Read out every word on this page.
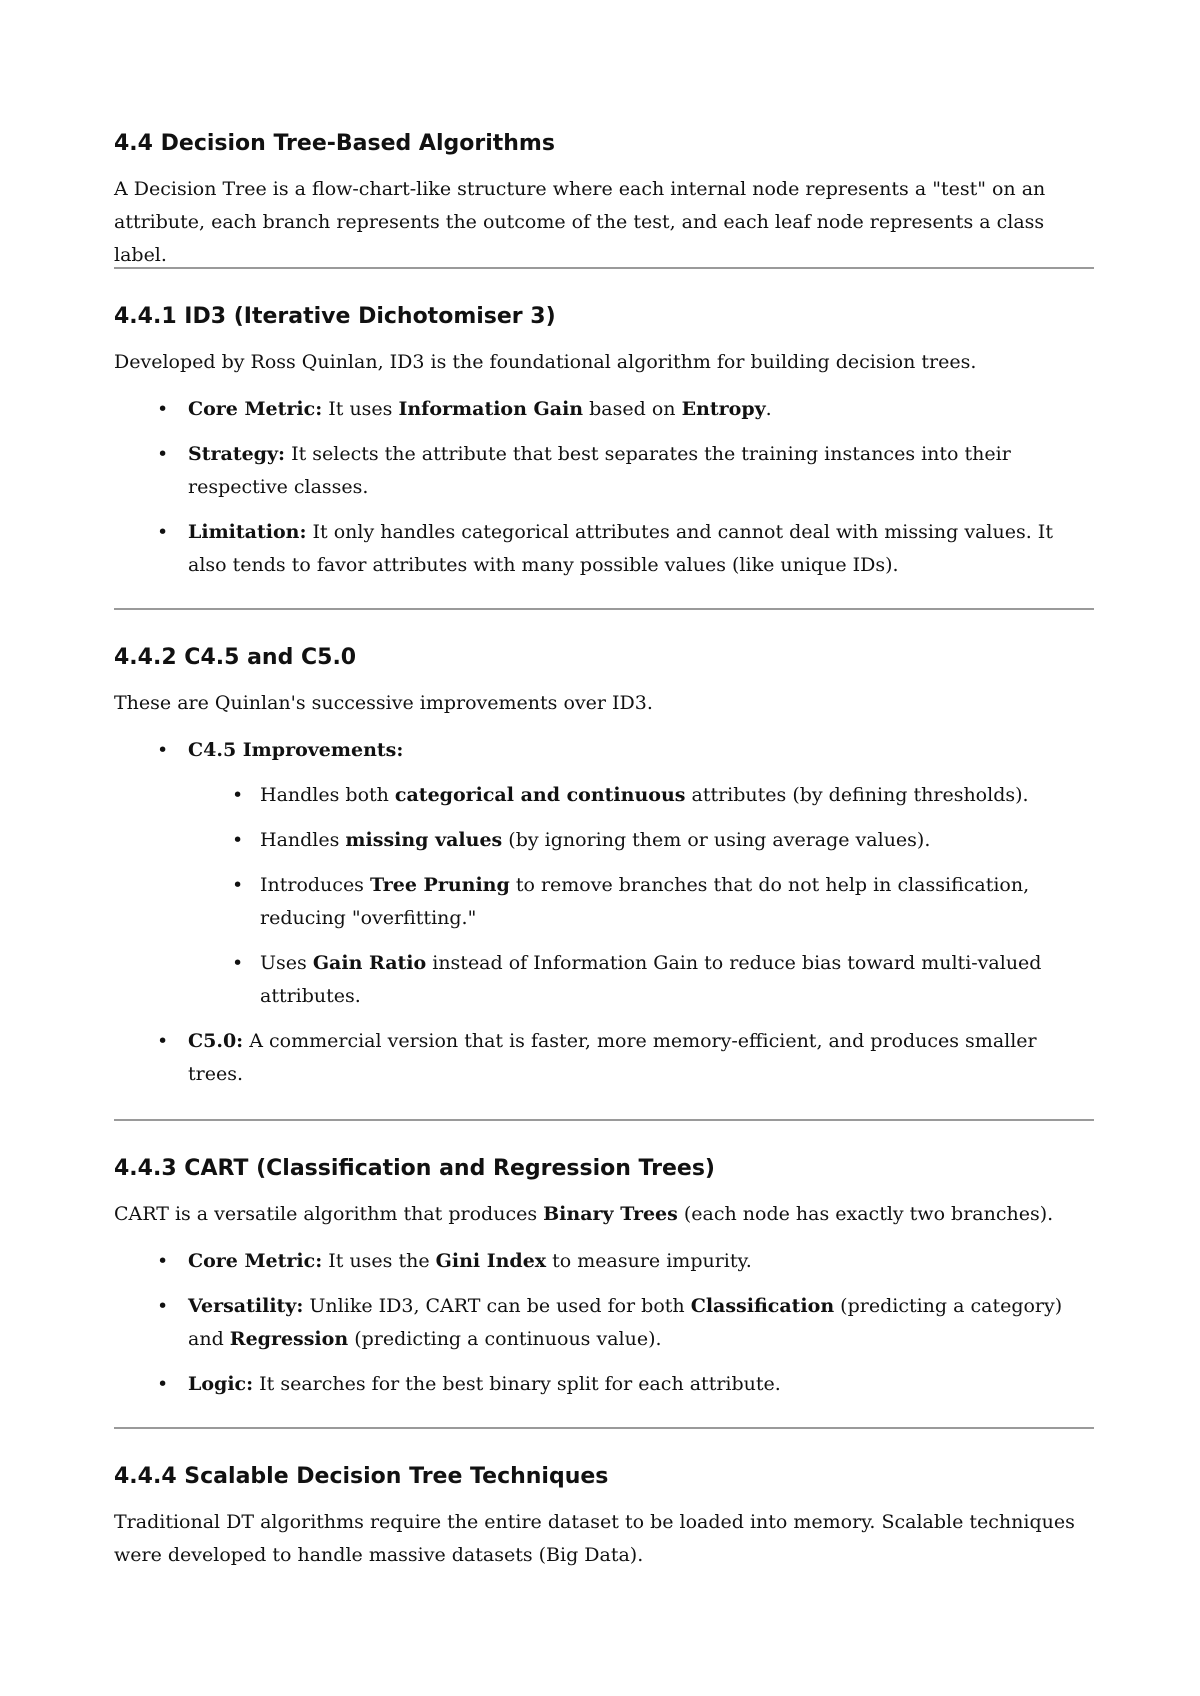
4.4 Decision Tree-Based Algorithms

A Decision Tree is a flow-chart-like structure where each internal node represents a "test" on an attribute, each branch represents the outcome of the test, and each leaf node represents a class label.

4.4.1 ID3 (Iterative Dichotomiser 3)

Developed by Ross Quinlan, ID3 is the foundational algorithm for building decision trees.

• Core Metric: It uses Information Gain based on Entropy.
• Strategy: It selects the attribute that best separates the training instances into their respective classes.
• Limitation: It only handles categorical attributes and cannot deal with missing values. It also tends to favor attributes with many possible values (like unique IDs).
4.4.2 C4.5 and C5.0

These are Quinlan's successive improvements over ID3.

• C4.5 Improvements:
• Handles both categorical and continuous attributes (by defining thresholds).
• Handles missing values (by ignoring them or using average values).
• Introduces Tree Pruning to remove branches that do not help in classification, reducing "overfitting."
• Uses Gain Ratio instead of Information Gain to reduce bias toward multi-valued attributes.
• C5.0: A commercial version that is faster, more memory-efficient, and produces smaller trees.
4.4.3 CART (Classification and Regression Trees)

CART is a versatile algorithm that produces Binary Trees (each node has exactly two branches).

• Core Metric: It uses the Gini Index to measure impurity.
• Versatility: Unlike ID3, CART can be used for both Classification (predicting a category) and Regression (predicting a continuous value).
• Logic: It searches for the best binary split for each attribute.
4.4.4 Scalable Decision Tree Techniques

Traditional DT algorithms require the entire dataset to be loaded into memory. Scalable techniques were developed to handle massive datasets (Big Data).
